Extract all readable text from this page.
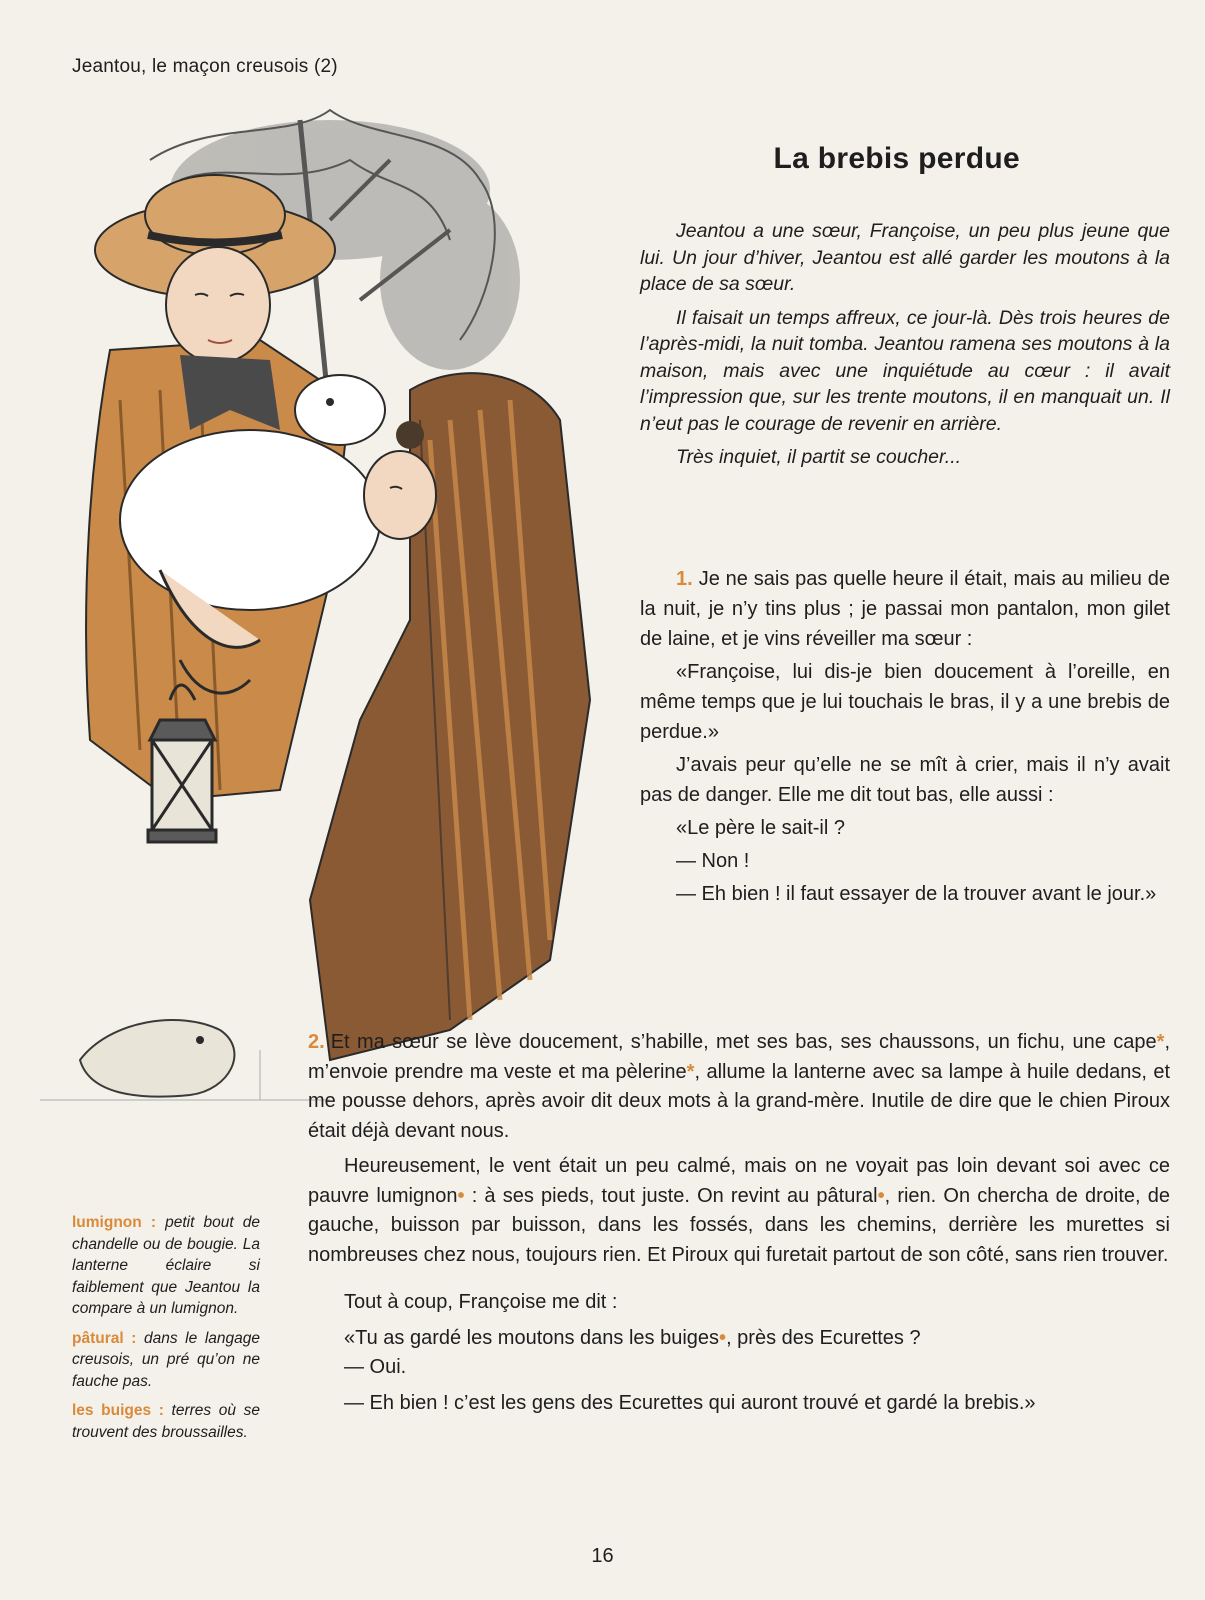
Jeantou, le maçon creusois (2)
La brebis perdue

Jeantou a une sœur, Françoise, un peu plus jeune que lui. Un jour d’hiver, Jeantou est allé garder les moutons à la place de sa sœur.

Il faisait un temps affreux, ce jour-là. Dès trois heures de l’après-midi, la nuit tomba. Jeantou ramena ses moutons à la maison, mais avec une inquiétude au cœur : il avait l’impression que, sur les trente moutons, il en manquait un. Il n’eut pas le courage de revenir en arrière.

Très inquiet, il partit se coucher...

1. Je ne sais pas quelle heure il était, mais au milieu de la nuit, je n’y tins plus ; je passai mon pantalon, mon gilet de laine, et je vins réveiller ma sœur :

«Françoise, lui dis-je bien doucement à l’oreille, en même temps que je lui touchais le bras, il y a une brebis de perdue.»

J’avais peur qu’elle ne se mît à crier, mais il n’y avait pas de danger. Elle me dit tout bas, elle aussi :

«Le père le sait-il ?

— Non !

— Eh bien ! il faut essayer de la trouver avant le jour.»

2. Et ma sœur se lève doucement, s’habille, met ses bas, ses chaussons, un fichu, une cape*, m’envoie prendre ma veste et ma pèlerine*, allume la lanterne avec sa lampe à huile dedans, et me pousse dehors, après avoir dit deux mots à la grand-mère. Inutile de dire que le chien Piroux était déjà devant nous.

Heureusement, le vent était un peu calmé, mais on ne voyait pas loin devant soi avec ce pauvre lumignon• : à ses pieds, tout juste. On revint au pâtural•, rien. On chercha de droite, de gauche, buisson par buisson, dans les fossés, dans les chemins, derrière les murettes si nombreuses chez nous, toujours rien. Et Piroux qui furetait partout de son côté, sans rien trouver.

Tout à coup, Françoise me dit :

«Tu as gardé les moutons dans les buiges•, près des Ecurettes ?

— Oui.

— Eh bien ! c’est les gens des Ecurettes qui auront trouvé et gardé la brebis.»

lumignon : petit bout de chandelle ou de bougie. La lanterne éclaire si faiblement que Jeantou la compare à un lumignon.
pâtural : dans le langage creusois, un pré qu’on ne fauche pas.
les buiges : terres où se trouvent des broussailles.
16
